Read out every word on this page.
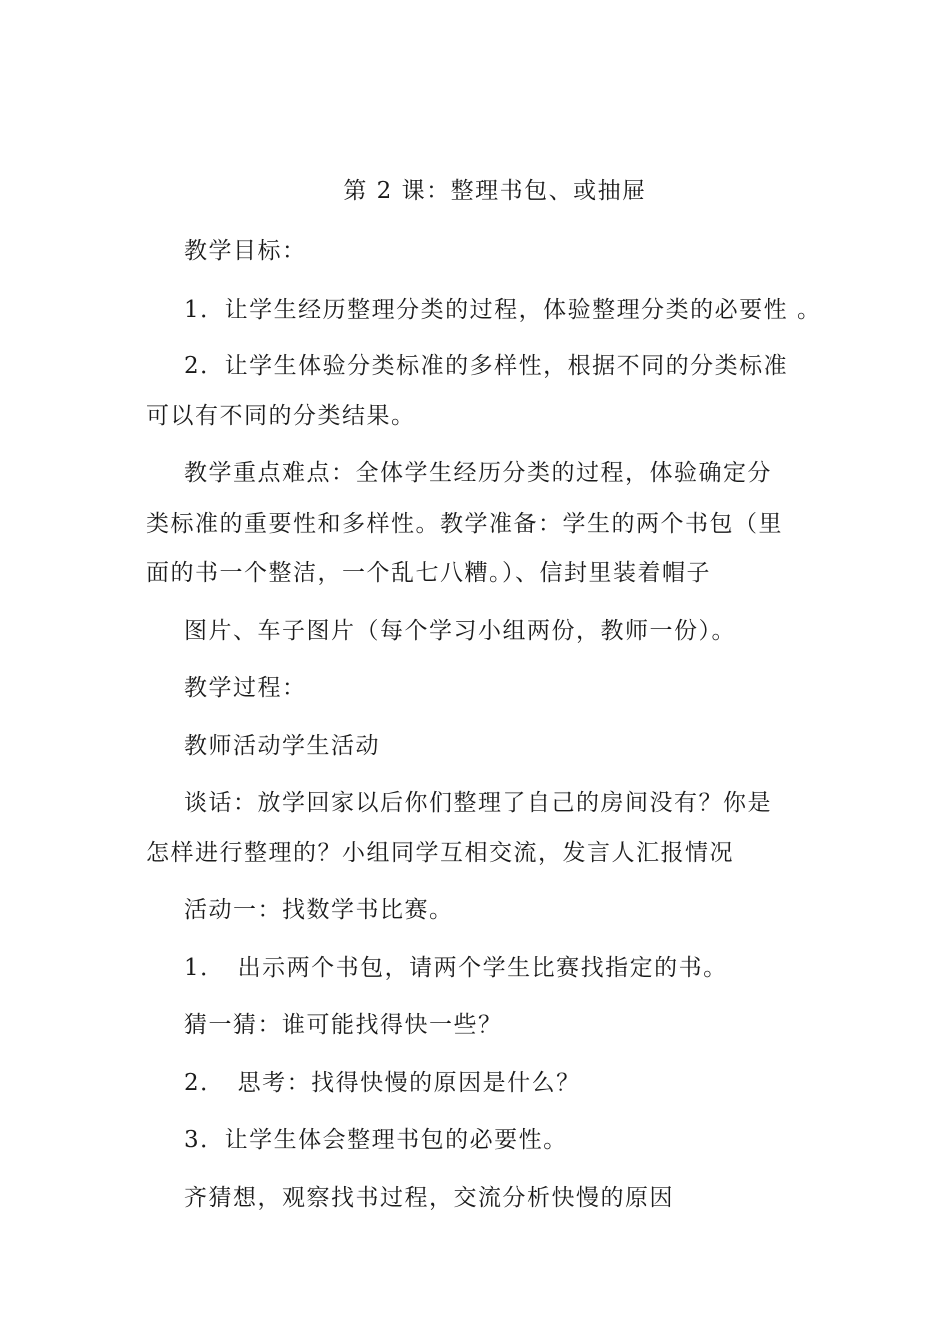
第 2 课：整理书包、或抽屉
教学目标：
1．让学生经历整理分类的过程，体验整理分类的必要性 。
2．让学生体验分类标准的多样性，根据不同的分类标准
可以有不同的分类结果。
教学重点难点：全体学生经历分类的过程，体验确定分
类标准的重要性和多样性。教学准备：学生的两个书包（里
面的书一个整洁，一个乱七八糟。）、信封里装着帽子
图片、车子图片（每个学习小组两份，教师一份）。
教学过程：
教师活动学生活动
谈话：放学回家以后你们整理了自己的房间没有？你是
怎样进行整理的？小组同学互相交流，发言人汇报情况
活动一：找数学书比赛。
1．　出示两个书包，请两个学生比赛找指定的书。
猜一猜：谁可能找得快一些？
2．　思考：找得快慢的原因是什么？
3．让学生体会整理书包的必要性。
齐猜想，观察找书过程，交流分析快慢的原因
